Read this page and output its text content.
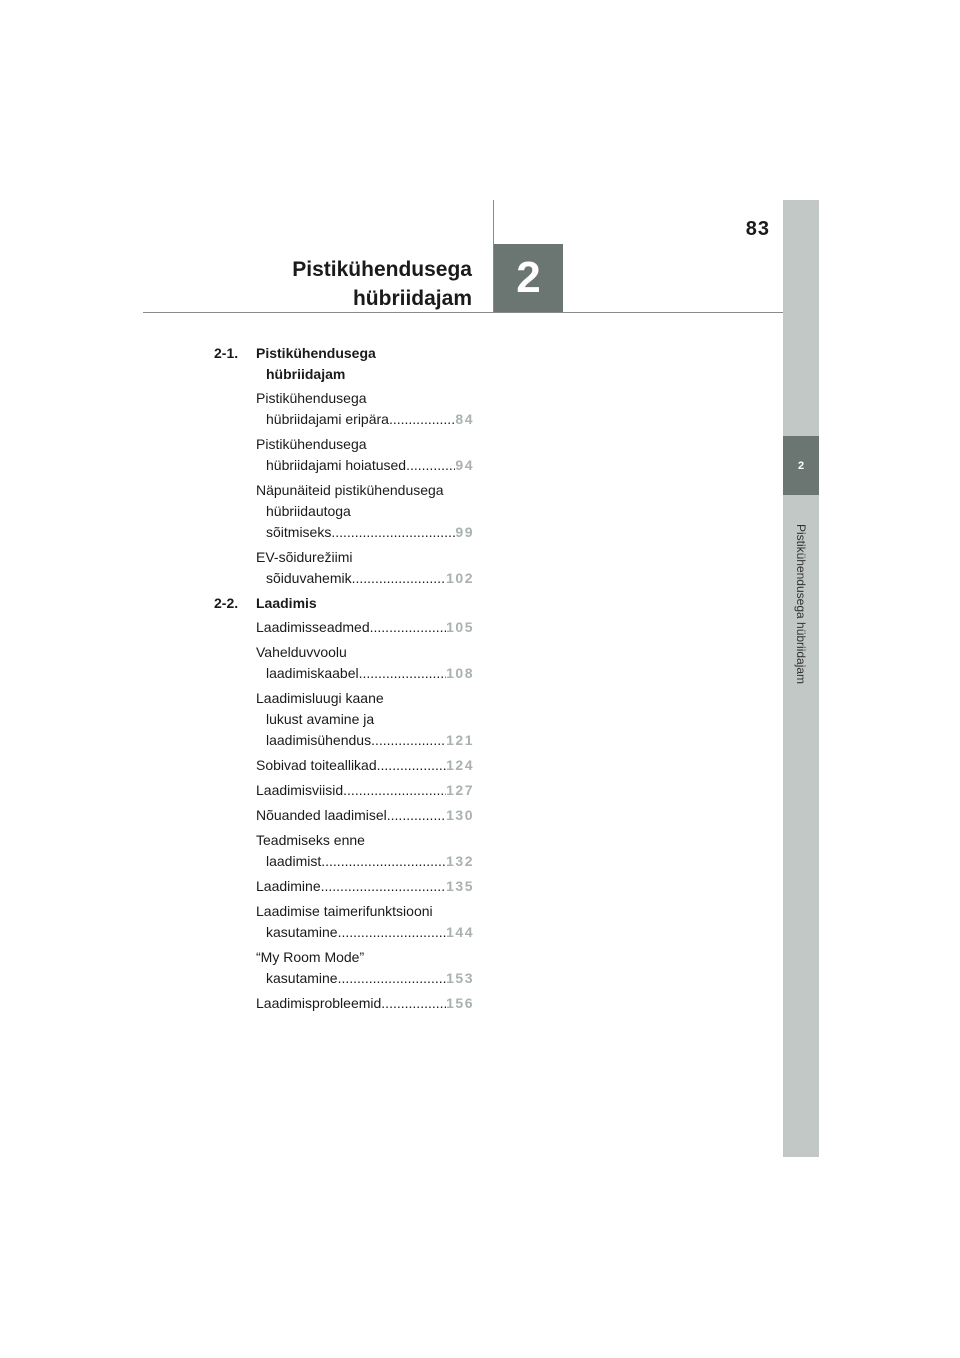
83
Pistikühendusega
hübriidajam	2
2
Pistikühendusega hübriidajam
2-1. Pistikühendusega
hübriidajam
Pistikühendusega
hübriidajami eripära .....	84
Pistikühendusega
hübriidajami hoiatused .....	94
Näpunäiteid pistikühendusega
hübriidautoga
sõitmiseks .....	99
EV-sõidurežiimi
sõiduvahemik .....	102
2-2. Laadimis
Laadimisseadmed .....	105
Vahelduvvoolu
laadimiskaabel .....	108
Laadimisluugi kaane
lukust avamine ja
laadimisühendus .....	121
Sobivad toiteallikad .....	124
Laadimisviisid .....	127
Nõuanded laadimisel .....	130
Teadmiseks enne
laadimist .....	132
Laadimine .....	135
Laadimise taimerifunktsiooni
kasutamine .....	144
“My Room Mode”
kasutamine .....	153
Laadimisprobleemid .....	156
